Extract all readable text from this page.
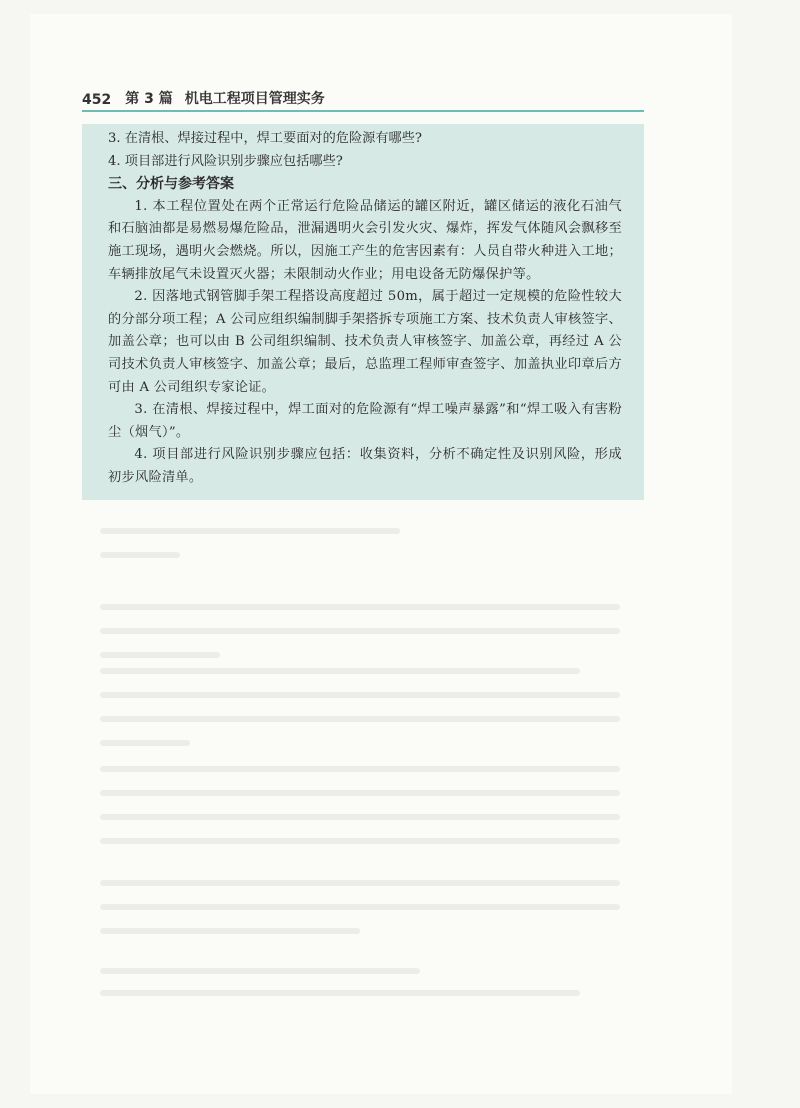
452 第 3 篇 机电工程项目管理实务

3. 在清根、焊接过程中，焊工要面对的危险源有哪些?

4. 项目部进行风险识别步骤应包括哪些?

三、分析与参考答案

1. 本工程位置处在两个正常运行危险品储运的罐区附近，罐区储运的液化石油气和石脑油都是易燃易爆危险品，泄漏遇明火会引发火灾、爆炸，挥发气体随风会飘移至施工现场，遇明火会燃烧。所以，因施工产生的危害因素有：人员自带火种进入工地；车辆排放尾气未设置灭火器；未限制动火作业；用电设备无防爆保护等。

2. 因落地式钢管脚手架工程搭设高度超过 50m，属于超过一定规模的危险性较大的分部分项工程；A 公司应组织编制脚手架搭拆专项施工方案、技术负责人审核签字、加盖公章；也可以由 B 公司组织编制、技术负责人审核签字、加盖公章，再经过 A 公司技术负责人审核签字、加盖公章；最后，总监理工程师审查签字、加盖执业印章后方可由 A 公司组织专家论证。

3. 在清根、焊接过程中，焊工面对的危险源有“焊工噪声暴露”和“焊工吸入有害粉尘（烟气）”。

4. 项目部进行风险识别步骤应包括：收集资料，分析不确定性及识别风险，形成初步风险清单。
